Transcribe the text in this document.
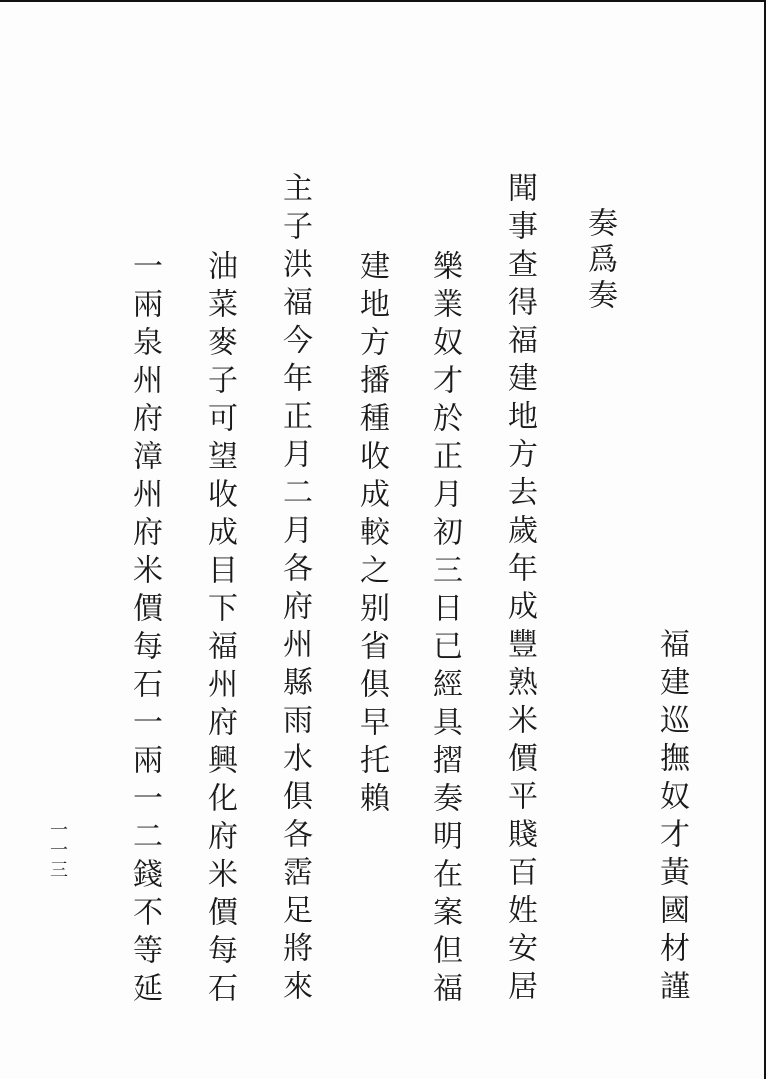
福建巡撫奴才黃國材謹
奏爲奏
聞事查得福建地方去歲年成豐熟米價平賤百姓安居
樂業奴才於正月初三日已經具摺奏明在案但福
建地方播種收成較之别省俱早托賴
主子洪福今年正月二月各府州縣雨水俱各霑足將來
油菜麥子可望收成目下福州府興化府米價每石
一兩泉州府漳州府米價每石一兩一二錢不等延
一一三
